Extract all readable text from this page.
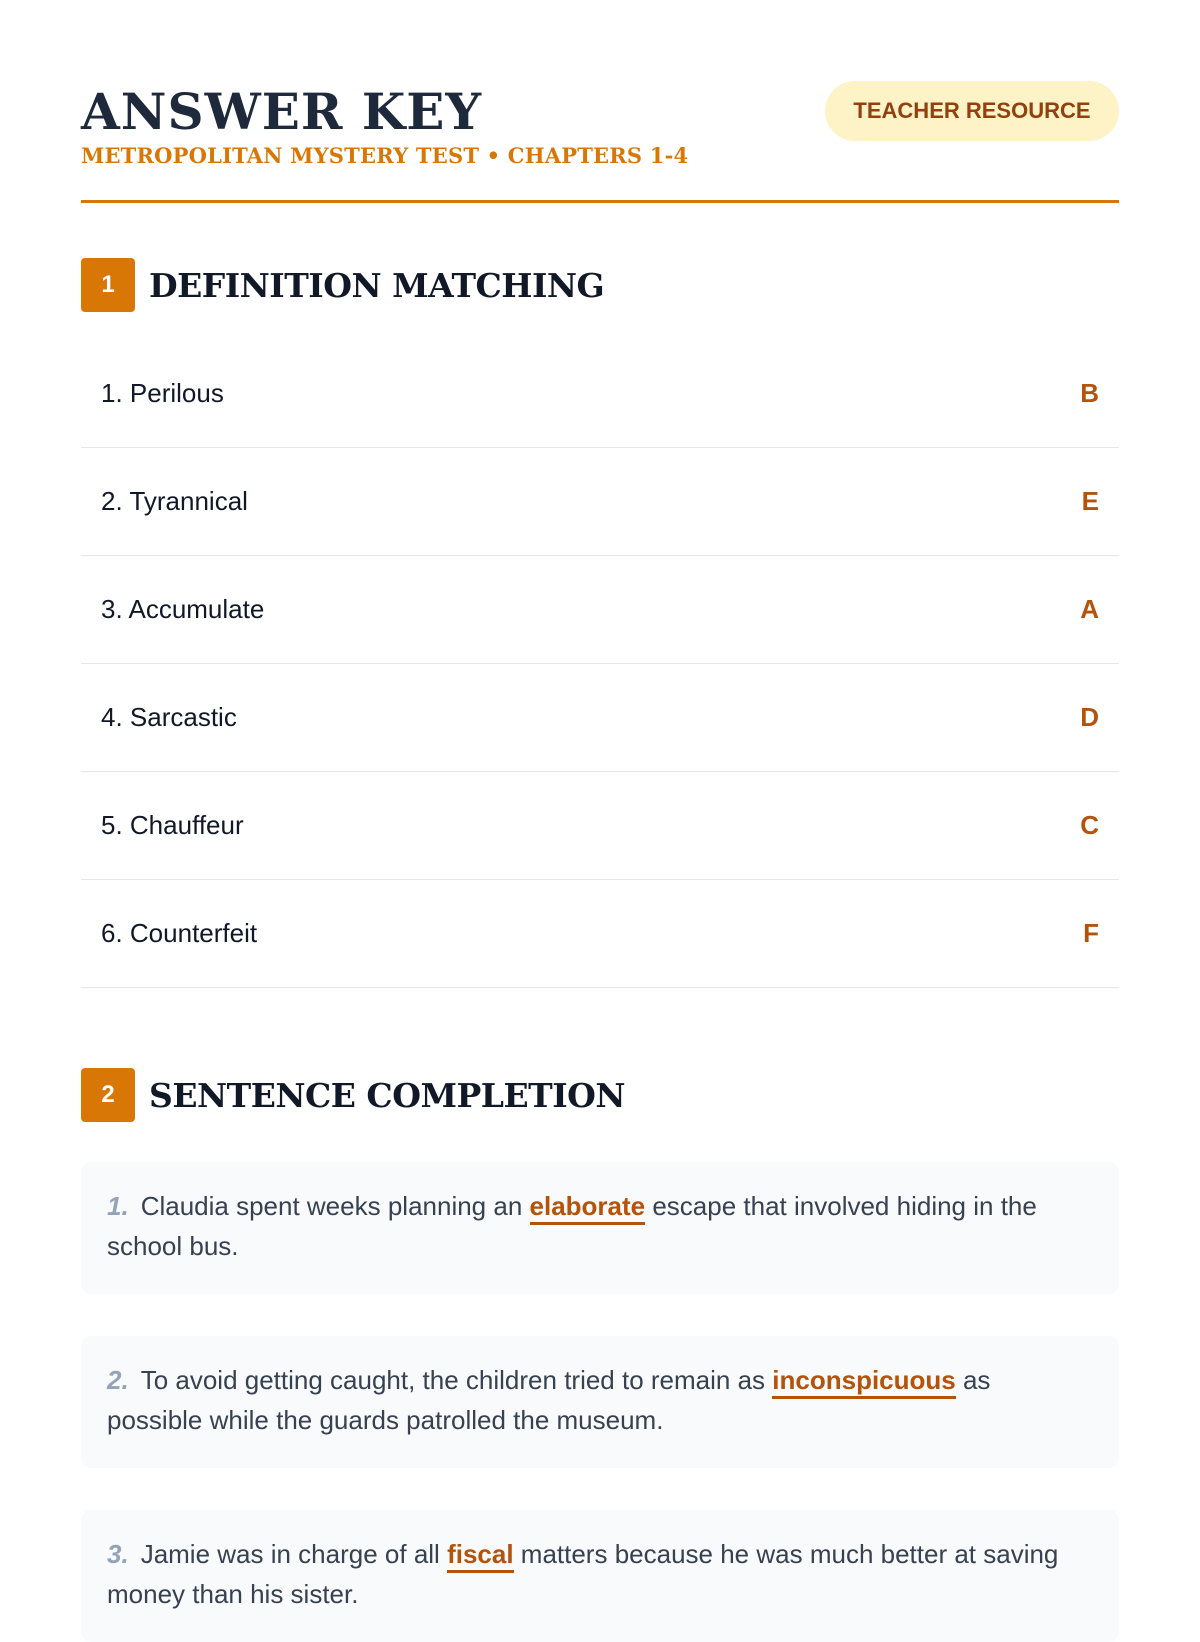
ANSWER KEY
METROPOLITAN MYSTERY TEST • CHAPTERS 1-4
TEACHER RESOURCE
1	DEFINITION MATCHING
1. Perilous	B
2. Tyrannical	E
3. Accumulate	A
4. Sarcastic	D
5. Chauffeur	C
6. Counterfeit	F
2	SENTENCE COMPLETION
1. Claudia spent weeks planning an elaborate escape that involved hiding in the school bus.
2. To avoid getting caught, the children tried to remain as inconspicuous as possible while the guards patrolled the museum.
3. Jamie was in charge of all fiscal matters because he was much better at saving money than his sister.
